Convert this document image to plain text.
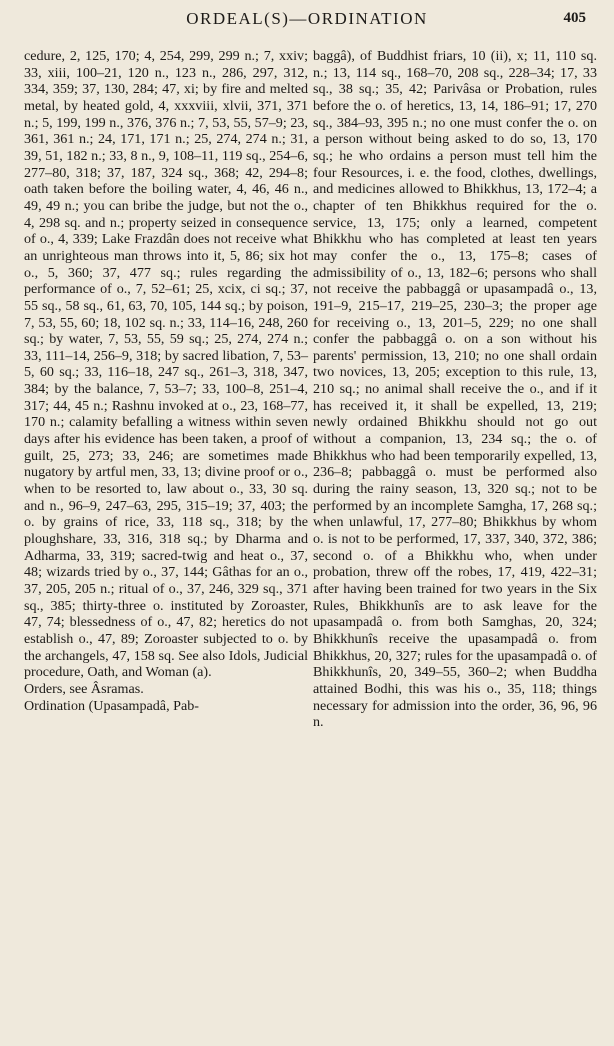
ORDEAL(S)—ORDINATION	405

cedure, 2, 125, 170; 4, 254, 299, 299 n.; 7, xxiv; 33, xiii, 100–21, 120 n., 123 n., 286, 297, 312, 334, 359; 37, 130, 284; 47, xi; by fire and melted metal, by heated gold, 4, xxxviii, xlvii, 371, 371 n.; 5, 199, 199 n., 376, 376 n.; 7, 53, 55, 57–9; 23, 361, 361 n.; 24, 171, 171 n.; 25, 274, 274 n.; 31, 39, 51, 182 n.; 33, 8 n., 9, 108–11, 119 sq., 254–6, 277–80, 318; 37, 187, 324 sq., 368; 42, 294–8; oath taken before the boiling water, 4, 46, 46 n., 49, 49 n.; you can bribe the judge, but not the o., 4, 298 sq. and n.; property seized in consequence of o., 4, 339; Lake Frazdân does not receive what an unrighteous man throws into it, 5, 86; six hot o., 5, 360; 37, 477 sq.; rules regarding the performance of o., 7, 52–61; 25, xcix, ci sq.; 37, 55 sq., 58 sq., 61, 63, 70, 105, 144 sq.; by poison, 7, 53, 55, 60; 18, 102 sq. n.; 33, 114–16, 248, 260 sq.; by water, 7, 53, 55, 59 sq.; 25, 274, 274 n.; 33, 111–14, 256–9, 318; by sacred libation, 7, 53–5, 60 sq.; 33, 116–18, 247 sq., 261–3, 318, 347, 384; by the balance, 7, 53–7; 33, 100–8, 251–4, 317; 44, 45 n.; Rashnu invoked at o., 23, 168–77, 170 n.; calamity befalling a witness within seven days after his evidence has been taken, a proof of guilt, 25, 273; 33, 246; are sometimes made nugatory by artful men, 33, 13; divine proof or o., when to be resorted to, law about o., 33, 30 sq. and n., 96–9, 247–63, 295, 315–19; 37, 403; the o. by grains of rice, 33, 118 sq., 318; by the ploughshare, 33, 316, 318 sq.; by Dharma and Adharma, 33, 319; sacred-twig and heat o., 37, 48; wizards tried by o., 37, 144; Gâthas for an o., 37, 205, 205 n.; ritual of o., 37, 246, 329 sq., 371 sq., 385; thirty-three o. instituted by Zoroaster, 47, 74; blessedness of o., 47, 82; heretics do not establish o., 47, 89; Zoroaster subjected to o. by the archangels, 47, 158 sq. See also Idols, Judicial procedure, Oath, and Woman (a).

Orders, see Âsramas.

Ordination (Upasampadâ, Pab-

baggâ), of Buddhist friars, 10 (ii), x; 11, 110 sq. n.; 13, 114 sq., 168–70, 208 sq., 228–34; 17, 33 sq., 38 sq.; 35, 42; Parivâsa or Probation, rules before the o. of heretics, 13, 14, 186–91; 17, 270 sq., 384–93, 395 n.; no one must confer the o. on a person without being asked to do so, 13, 170 sq.; he who ordains a person must tell him the four Resources, i. e. the food, clothes, dwellings, and medicines allowed to Bhikkhus, 13, 172–4; a chapter of ten Bhikkhus required for the o. service, 13, 175; only a learned, competent Bhikkhu who has completed at least ten years may confer the o., 13, 175–8; cases of admissibility of o., 13, 182–6; persons who shall not receive the pabbaggâ or upasampadâ o., 13, 191–9, 215–17, 219–25, 230–3; the proper age for receiving o., 13, 201–5, 229; no one shall confer the pabbaggâ o. on a son without his parents' permission, 13, 210; no one shall ordain two novices, 13, 205; exception to this rule, 13, 210 sq.; no animal shall receive the o., and if it has received it, it shall be expelled, 13, 219; newly ordained Bhikkhu should not go out without a companion, 13, 234 sq.; the o. of Bhikkhus who had been temporarily expelled, 13, 236–8; pabbaggâ o. must be performed also during the rainy season, 13, 320 sq.; not to be performed by an incomplete Samgha, 17, 268 sq.; when unlawful, 17, 277–80; Bhikkhus by whom o. is not to be performed, 17, 337, 340, 372, 386; second o. of a Bhikkhu who, when under probation, threw off the robes, 17, 419, 422–31; after having been trained for two years in the Six Rules, Bhikkhunîs are to ask leave for the upasampadâ o. from both Samghas, 20, 324; Bhikkhunîs receive the upasampadâ o. from Bhikkhus, 20, 327; rules for the upasampadâ o. of Bhikkhunîs, 20, 349–55, 360–2; when Buddha attained Bodhi, this was his o., 35, 118; things necessary for admission into the order, 36, 96, 96 n.
